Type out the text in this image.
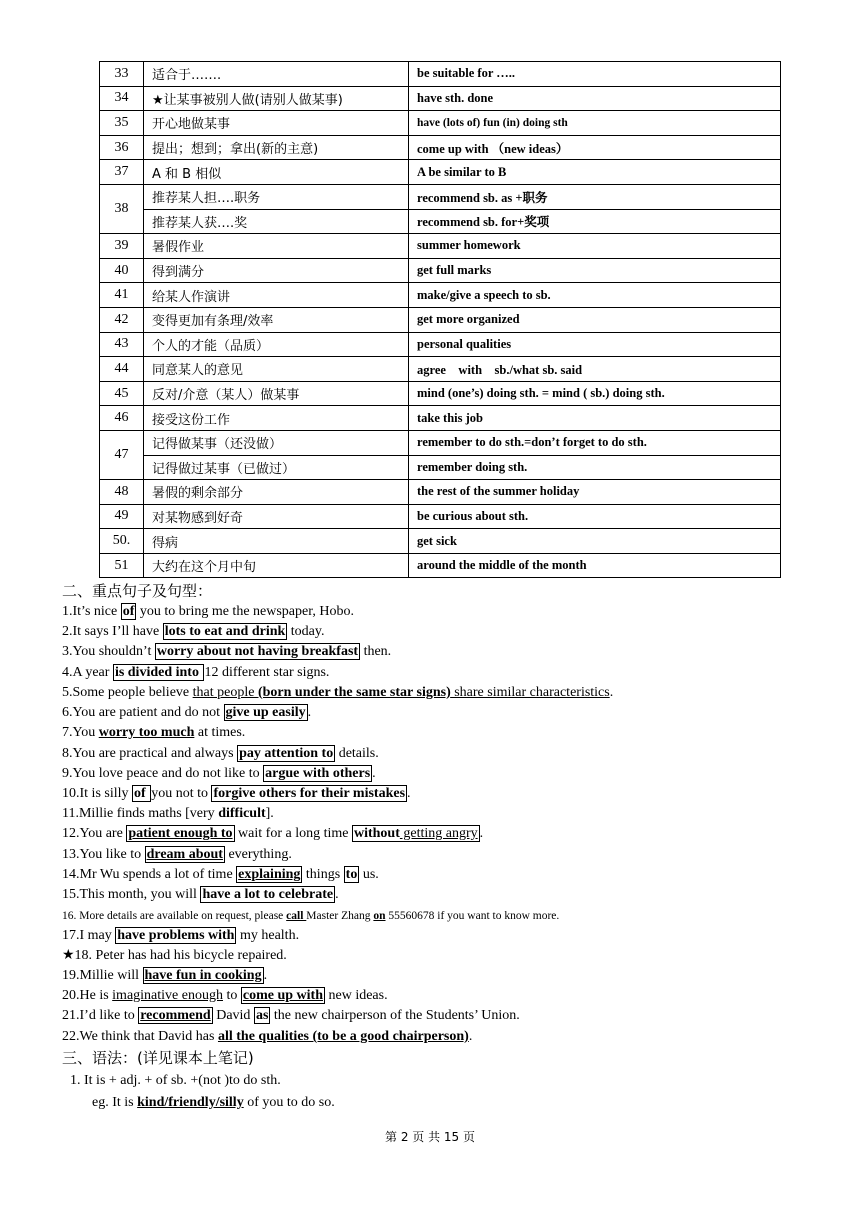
33	适合于…….	be suitable for …..
34	★让某事被别人做(请别人做某事)	have sth. done
35	开心地做某事	have (lots of) fun (in) doing sth
36	提出；想到；拿出(新的主意)	come up with （new ideas）
37	A 和 B 相似	A be similar to B
38	推荐某人担….职务	recommend sb. as +职务
	推荐某人获….奖	recommend sb. for+奖项
39	暑假作业	summer homework
40	得到满分	get full marks
41	给某人作演讲	make/give a speech to sb.
42	变得更加有条理/效率	get more organized
43	个人的才能（品质）	personal qualities
44	同意某人的意见	agree　with　sb./what sb. said
45	反对/介意（某人）做某事	mind (one’s) doing sth. = mind ( sb.) doing sth.
46	接受这份工作	take this job
47	记得做某事（还没做）	remember to do sth.=don’t forget to do sth.
	记得做过某事（已做过）	remember doing sth.
48	暑假的剩余部分	the rest of the summer holiday
49	对某物感到好奇	be curious about sth.
50.	得病	get sick
51	大约在这个月中旬	around the middle of the month
二、重点句子及句型：
1.It’s nice of you to bring me the newspaper, Hobo.
2.It says I’ll have lots to eat and drink today.
3.You shouldn’t worry about not having breakfast then.
4.A year is divided into 12 different star signs.
5.Some people believe that people (born under the same star signs) share similar characteristics.
6.You are patient and do not give up easily .
7.You worry too much at times.
8.You are practical and always pay attention to details.
9.You love peace and do not like to argue with others .
10.It is silly of you not to forgive others for their mistakes .
11.Millie finds maths [very difficult].
12.You are patient enough to wait for a long time without getting angry .
13.You like to dream about everything.
14.Mr Wu spends a lot of time explaining things to us.
15.This month, you will have a lot to celebrate .
16. More details are available on request, please call Master Zhang on 55560678 if you want to know more.
17.I may have problems with my health.
★18. Peter has had his bicycle repaired.
19.Millie will have fun in cooking .
20.He is imaginative enough to come up with new ideas.
21.I’d like to recommend David as the new chairperson of the Students’ Union.
22.We think that David has all the qualities (to be a good chairperson).
三、语法：(详见课本上笔记)
1. It is + adj. + of sb. +(not )to do sth.
eg. It is kind/friendly/silly of you to do so.
第 2 页 共 15 页
